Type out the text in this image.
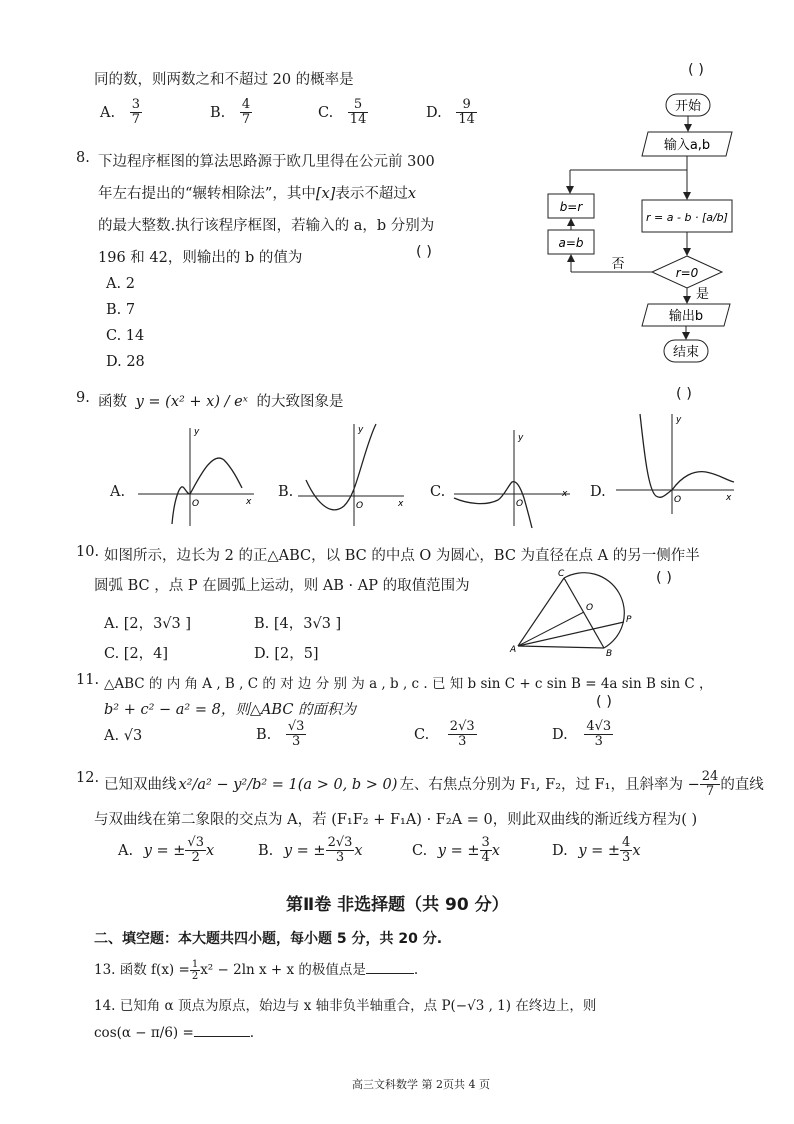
同的数，则两数之和不超过 20 的概率是
( )
A. $\frac{3}{7}$	B. $\frac{4}{7}$	C. $\frac{5}{14}$	D. $\frac{9}{14}$
8. 下边程序框图的算法思路源于欧几里得在公元前 300
年左右提出的“辗转相除法”，其中[x]表示不超过x
的最大整数.执行该程序框图，若输入的 a，b 分别为
196 和 42，则输出的 b 的值为	( )
A. 2
B. 7
C. 14
D. 28
开始
输入a,b
b=r
a=b
r = a - b · [a/b]
r=0
否
是
输出b
结束
9. 函数 y = (x² + x) / eˣ 的大致图象是	( )
A.	B.	C.	D.
y
x
O
y
x
O
y
x
O
y
x
O
10. 如图所示，边长为 2 的正△ABC，以 BC 的中点 O 为圆心，BC 为直径在点 A 的另一侧作半
圆弧 BC ，点 P 在圆弧上运动，则 AB · AP 的取值范围为	( )
A. [2，3√3 ]	B. [4，3√3 ]
C. [2，4]	D. [2，5]
C
O
P
A	B
11. △ABC 的 内 角 A , B , C 的 对 边 分 别 为 a , b , c . 已 知 b sin C + c sin B = 4a sin B sin C ，
b² + c² − a² = 8，则△ABC 的面积为	( )
A. √3	B. $\frac{√3}{3}$	C. $\frac{2√3}{3}$	D. $\frac{4√3}{3}$
12. 已知双曲线 x²/a² − y²/b² = 1(a > 0, b > 0) 左、右焦点分别为 F₁, F₂，过 F₁，且斜率为 − $\frac{24}{7}$ 的直线
与双曲线在第二象限的交点为 A，若 (F₁F₂ + F₁A) · F₂A = 0，则此双曲线的渐近线方程为( )
A. y = ± $\frac{√3}{2}$ x	B. y = ± $\frac{2√3}{3}$ x	C. y = ± $\frac{3}{4}$ x	D. y = ± $\frac{4}{3}$ x
第Ⅱ卷 非选择题（共 90 分）
二、填空题：本大题共四小题，每小题 5 分，共 20 分.
13. 函数 $f(x) = \frac{1}{2} x^2 - 2\ln$ x + x 的极值点是	.
14. 已知角 α 顶点为原点，始边与 x 轴非负半轴重合，点 P(−√3 , 1) 在终边上，则
cos(α − π/6) =	.
高三文科数学 第 2页共 4 页
